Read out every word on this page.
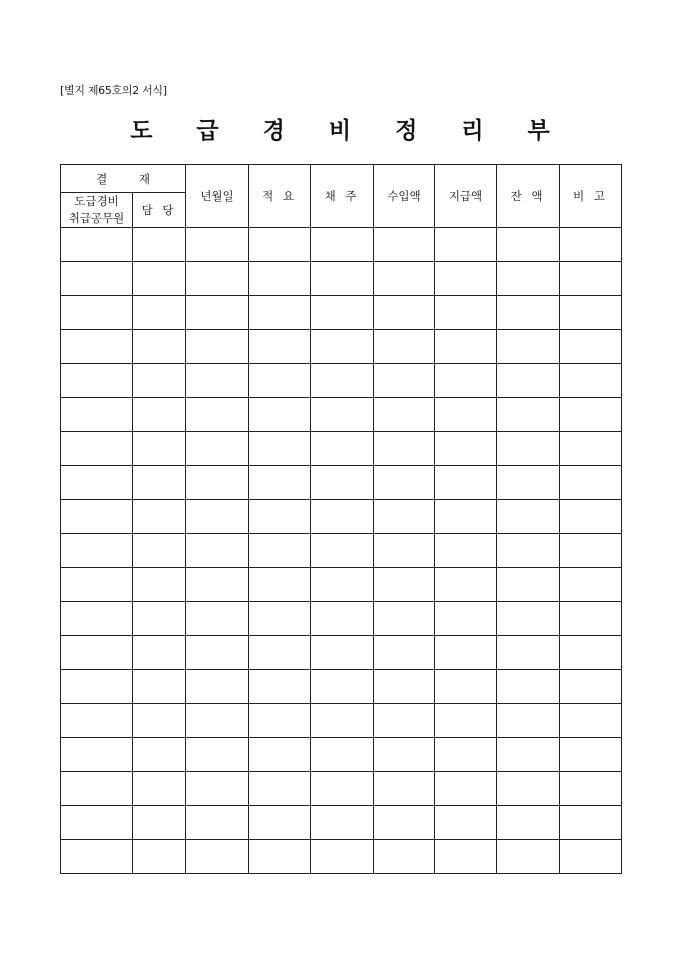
[별지 제65호의2 서식]
도 급 경 비 정 리 부
결 재		년월일	적 요	채 주	수입액	지급액	잔 액	비 고

도급경비
취급공무원	담 당							
